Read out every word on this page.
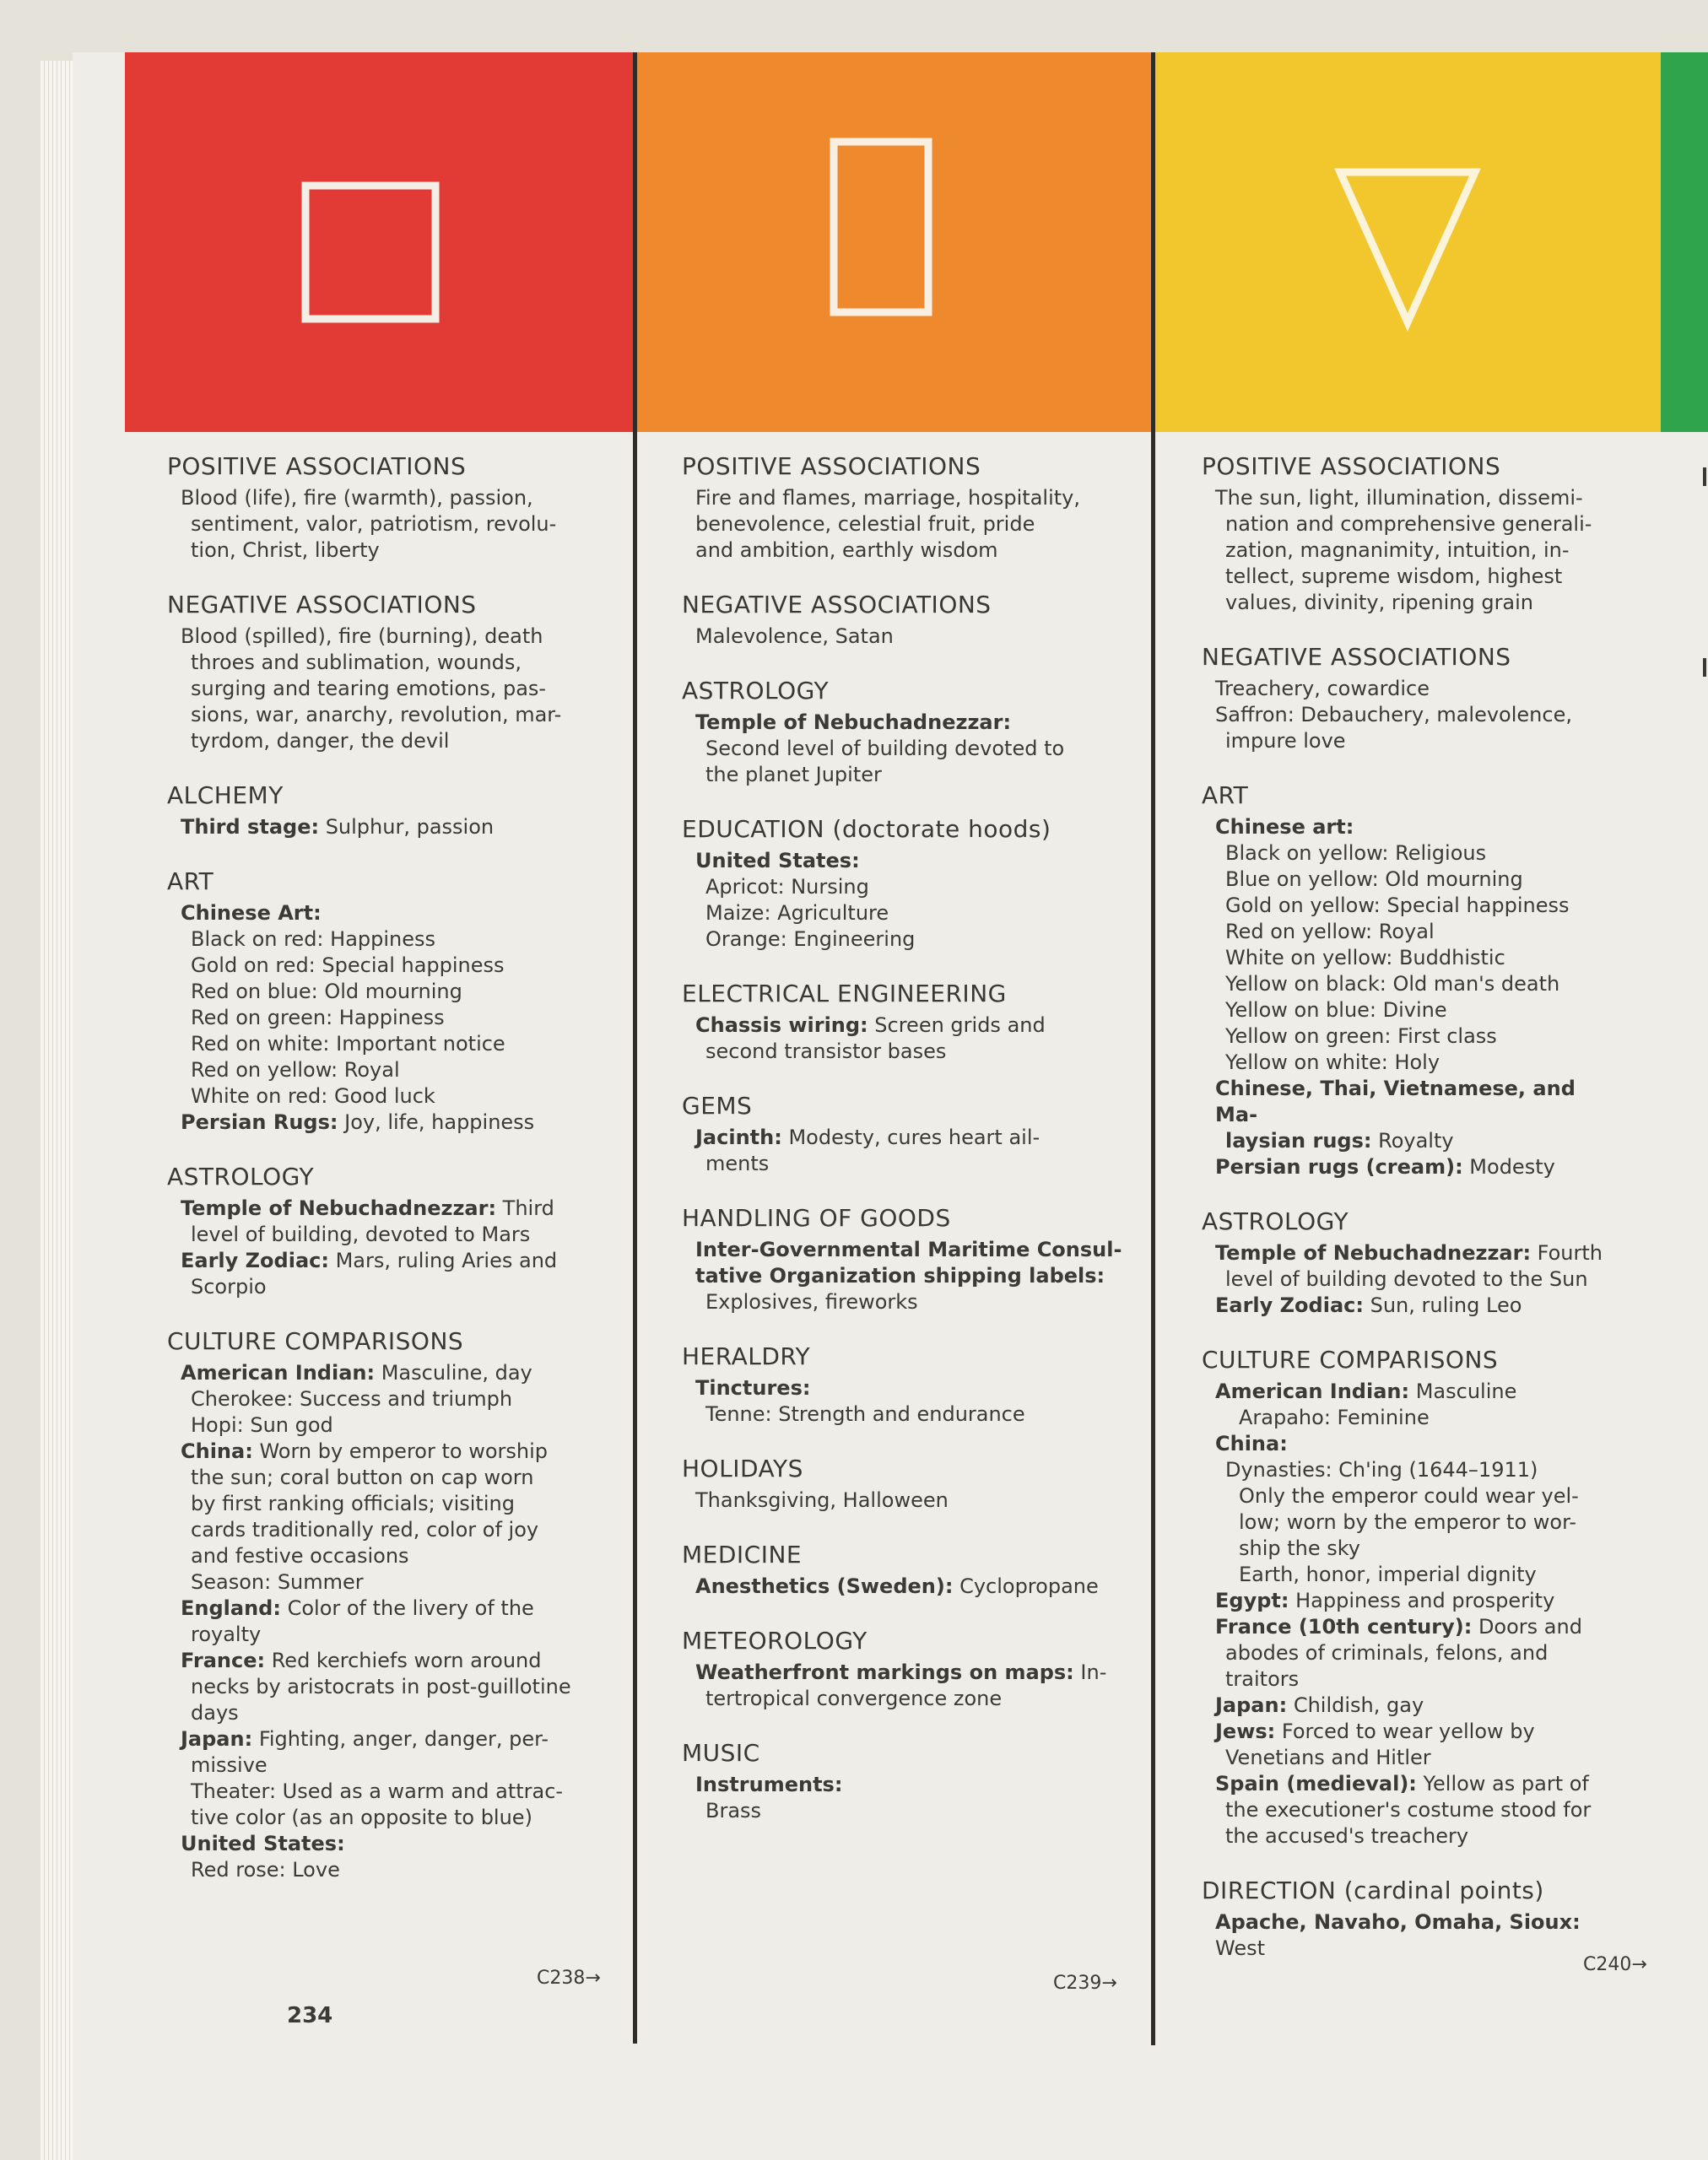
POSITIVE ASSOCIATIONS
Blood (life), fire (warmth), passion,
sentiment, valor, patriotism, revolu-
tion, Christ, liberty
NEGATIVE ASSOCIATIONS
Blood (spilled), fire (burning), death
throes and sublimation, wounds,
surging and tearing emotions, pas-
sions, war, anarchy, revolution, mar-
tyrdom, danger, the devil
ALCHEMY
Third stage: Sulphur, passion
ART
Chinese Art:
Black on red: Happiness
Gold on red: Special happiness
Red on blue: Old mourning
Red on green: Happiness
Red on white: Important notice
Red on yellow: Royal
White on red: Good luck
Persian Rugs: Joy, life, happiness
ASTROLOGY
Temple of Nebuchadnezzar: Third
level of building, devoted to Mars
Early Zodiac: Mars, ruling Aries and
Scorpio
CULTURE COMPARISONS
American Indian: Masculine, day
Cherokee: Success and triumph
Hopi: Sun god
China: Worn by emperor to worship
the sun; coral button on cap worn
by first ranking officials; visiting
cards traditionally red, color of joy
and festive occasions
Season: Summer
England: Color of the livery of the
royalty
France: Red kerchiefs worn around
necks by aristocrats in post-guillotine
days
Japan: Fighting, anger, danger, per-
missive
Theater: Used as a warm and attrac-
tive color (as an opposite to blue)
United States:
Red rose: Love
POSITIVE ASSOCIATIONS
Fire and flames, marriage, hospitality,
benevolence, celestial fruit, pride
and ambition, earthly wisdom
NEGATIVE ASSOCIATIONS
Malevolence, Satan
ASTROLOGY
Temple of Nebuchadnezzar:
Second level of building devoted to
the planet Jupiter
EDUCATION (doctorate hoods)
United States:
Apricot: Nursing
Maize: Agriculture
Orange: Engineering
ELECTRICAL ENGINEERING
Chassis wiring: Screen grids and
second transistor bases
GEMS
Jacinth: Modesty, cures heart ail-
ments
HANDLING OF GOODS
Inter-Governmental Maritime Consul-
tative Organization shipping labels:
Explosives, fireworks
HERALDRY
Tinctures:
Tenne: Strength and endurance
HOLIDAYS
Thanksgiving, Halloween
MEDICINE
Anesthetics (Sweden): Cyclopropane
METEOROLOGY
Weatherfront markings on maps: In-
tertropical convergence zone
MUSIC
Instruments:
Brass
POSITIVE ASSOCIATIONS
The sun, light, illumination, dissemi-
nation and comprehensive generali-
zation, magnanimity, intuition, in-
tellect, supreme wisdom, highest
values, divinity, ripening grain
NEGATIVE ASSOCIATIONS
Treachery, cowardice
Saffron: Debauchery, malevolence,
impure love
ART
Chinese art:
Black on yellow: Religious
Blue on yellow: Old mourning
Gold on yellow: Special happiness
Red on yellow: Royal
White on yellow: Buddhistic
Yellow on black: Old man's death
Yellow on blue: Divine
Yellow on green: First class
Yellow on white: Holy
Chinese, Thai, Vietnamese, and Ma-
laysian rugs: Royalty
Persian rugs (cream): Modesty
ASTROLOGY
Temple of Nebuchadnezzar: Fourth
level of building devoted to the Sun
Early Zodiac: Sun, ruling Leo
CULTURE COMPARISONS
American Indian: Masculine
Arapaho: Feminine
China:
Dynasties: Ch'ing (1644–1911)
Only the emperor could wear yel-
low; worn by the emperor to wor-
ship the sky
Earth, honor, imperial dignity
Egypt: Happiness and prosperity
France (10th century): Doors and
abodes of criminals, felons, and
traitors
Japan: Childish, gay
Jews: Forced to wear yellow by
Venetians and Hitler
Spain (medieval): Yellow as part of
the executioner's costume stood for
the accused's treachery
DIRECTION (cardinal points)
Apache, Navaho, Omaha, Sioux: West
C238→	C239→
C240→
234
